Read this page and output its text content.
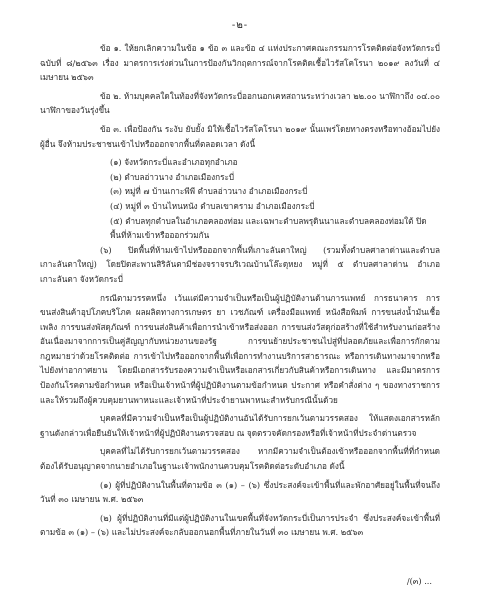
-๒-

ข้อ ๑. ให้ยกเลิกความในข้อ ๑ ข้อ ๓ และข้อ ๔ แห่งประกาศคณะกรรมการโรคติดต่อจังหวัดกระบี่ ฉบับที่ ๘/๒๕๖๓ เรื่อง มาตรการเร่งด่วนในการป้องกันวิกฤตการณ์จากโรคติดเชื้อไวรัสโคโรนา ๒๐๑๙ ลงวันที่ ๔ เมษายน ๒๕๖๓

ข้อ ๒. ห้ามบุคคลใดในท้องที่จังหวัดกระบี่ออกนอกเคหสถานระหว่างเวลา ๒๒.๐๐ นาฬิกาถึง ๐๔.๐๐ นาฬิกาของวันรุ่งขึ้น

ข้อ ๓. เพื่อป้องกัน ระงับ ยับยั้ง มิให้เชื้อไวรัสโคโรนา ๒๐๑๙ นั้นแพร่โดยทางตรงหรือทางอ้อมไปยังผู้อื่น จึงห้ามประชาชนเข้าไปหรือออกจากพื้นที่ตลอดเวลา ดังนี้

(๑) จังหวัดกระบี่และอำเภอทุกอำเภอ

(๒) ตำบลอ่าวนาง อำเภอเมืองกระบี่

(๓) หมู่ที่ ๗ บ้านเกาะพีพี ตำบลอ่าวนาง อำเภอเมืองกระบี่

(๔) หมู่ที่ ๓ บ้านไหนหนัง ตำบลเขาคราม อำเภอเมืองกระบี่

(๕) ตำบลทุกตำบลในอำเภอคลองท่อม และเฉพาะตำบลพรุดินนาและตำบลคลองท่อมใต้ ปิดพื้นที่ห้ามเข้าหรือออกร่วมกัน

(๖) ปิดพื้นที่ห้ามเข้าไปหรือออกจากพื้นที่เกาะลันตาใหญ่ (รวมทั้งตำบลศาลาด่านและตำบลเกาะลันตาใหญ่) โดยปิดสะพานสิริลันตามีช่องจราจรบริเวณบ้านโล๊ะดุหยง หมู่ที่ ๕ ตำบลศาลาด่าน อำเภอเกาะลันตา จังหวัดกระบี่

กรณีตามวรรคหนึ่ง เว้นแต่มีความจำเป็นหรือเป็นผู้ปฏิบัติงานด้านการแพทย์ การธนาคาร การขนส่งสินค้าอุปโภคบริโภค ผลผลิตทางการเกษตร ยา เวชภัณฑ์ เครื่องมือแพทย์ หนังสือพิมพ์ การขนส่งน้ำมันเชื้อเพลิง การขนส่งพัสดุภัณฑ์ การขนส่งสินค้าเพื่อการนำเข้าหรือส่งออก การขนส่งวัสดุก่อสร้างที่ใช้สำหรับงานก่อสร้างอันเนื่องมาจากการเป็นคู่สัญญากับหน่วยงานของรัฐ การขนย้ายประชาชนไปสู่ที่ปลอดภัยและเพื่อการกักตามกฎหมายว่าด้วยโรคติดต่อ การเข้าไปหรือออกจากพื้นที่เพื่อการทำงานบริการสาธารณะ หรือการเดินทางมาจากหรือไปยังท่าอากาศยาน โดยมีเอกสารรับรองความจำเป็นหรือเอกสารเกี่ยวกับสินค้าหรือการเดินทาง และมีมาตรการป้องกันโรคตามข้อกำหนด หรือเป็นเจ้าหน้าที่ผู้ปฏิบัติงานตามข้อกำหนด ประกาศ หรือคำสั่งต่าง ๆ ของทางราชการ และให้รวมถึงผู้ควบคุมยานพาหนะและเจ้าหน้าที่ประจำยานพาหนะสำหรับกรณีนั้นด้วย

บุคคลที่มีความจำเป็นหรือเป็นผู้ปฏิบัติงานอันได้รับการยกเว้นตามวรรคสอง ให้แสดงเอกสารหลักฐานดังกล่าวเพื่อยืนยันให้เจ้าหน้าที่ผู้ปฏิบัติงานตรวจสอบ ณ จุดตรวจคัดกรองหรือที่เจ้าหน้าที่ประจำด่านตรวจ

บุคคลที่ไม่ได้รับการยกเว้นตามวรรคสอง หากมีความจำเป็นต้องเข้าหรือออกจากพื้นที่ที่กำหนด ต้องได้รับอนุญาตจากนายอำเภอในฐานะเจ้าพนักงานควบคุมโรคติดต่อระดับอำเภอ ดังนี้

(๑) ผู้ที่ปฏิบัติงานในพื้นที่ตามข้อ ๓ (๑) – (๖) ซึ่งประสงค์จะเข้าพื้นที่และพักอาศัยอยู่ในพื้นที่จนถึงวันที่ ๓๐ เมษายน พ.ศ. ๒๕๖๓

(๒) ผู้ที่ปฏิบัติงานที่มีแต่ผู้ปฏิบัติงานในเขตพื้นที่จังหวัดกระบี่เป็นการประจำ ซึ่งประสงค์จะเข้าพื้นที่ตามข้อ ๓ (๑) – (๖) และไม่ประสงค์จะกลับออกนอกพื้นที่ภายในวันที่ ๓๐ เมษายน พ.ศ. ๒๕๖๓

/(๓) ...
